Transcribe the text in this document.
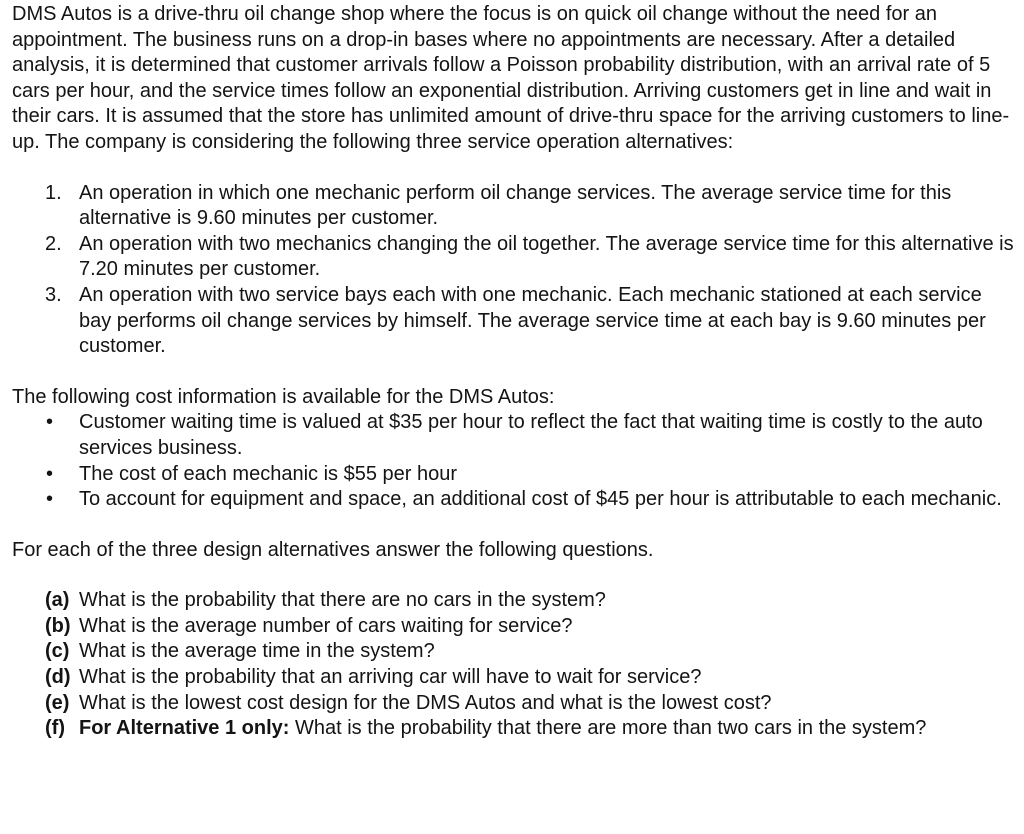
DMS Autos is a drive-thru oil change shop where the focus is on quick oil change without the need for an appointment. The business runs on a drop-in bases where no appointments are necessary. After a detailed analysis, it is determined that customer arrivals follow a Poisson probability distribution, with an arrival rate of 5 cars per hour, and the service times follow an exponential distribution. Arriving customers get in line and wait in their cars. It is assumed that the store has unlimited amount of drive-thru space for the arriving customers to line-up. The company is considering the following three service operation alternatives:

1. An operation in which one mechanic perform oil change services. The average service time for this alternative is 9.60 minutes per customer.
2. An operation with two mechanics changing the oil together. The average service time for this alternative is 7.20 minutes per customer.
3. An operation with two service bays each with one mechanic. Each mechanic stationed at each service bay performs oil change services by himself. The average service time at each bay is 9.60 minutes per customer.

The following cost information is available for the DMS Autos:

• Customer waiting time is valued at $35 per hour to reflect the fact that waiting time is costly to the auto services business.
• The cost of each mechanic is $55 per hour
• To account for equipment and space, an additional cost of $45 per hour is attributable to each mechanic.

For each of the three design alternatives answer the following questions.

(a) What is the probability that there are no cars in the system?
(b) What is the average number of cars waiting for service?
(c) What is the average time in the system?
(d) What is the probability that an arriving car will have to wait for service?
(e) What is the lowest cost design for the DMS Autos and what is the lowest cost?
(f) For Alternative 1 only: What is the probability that there are more than two cars in the system?
